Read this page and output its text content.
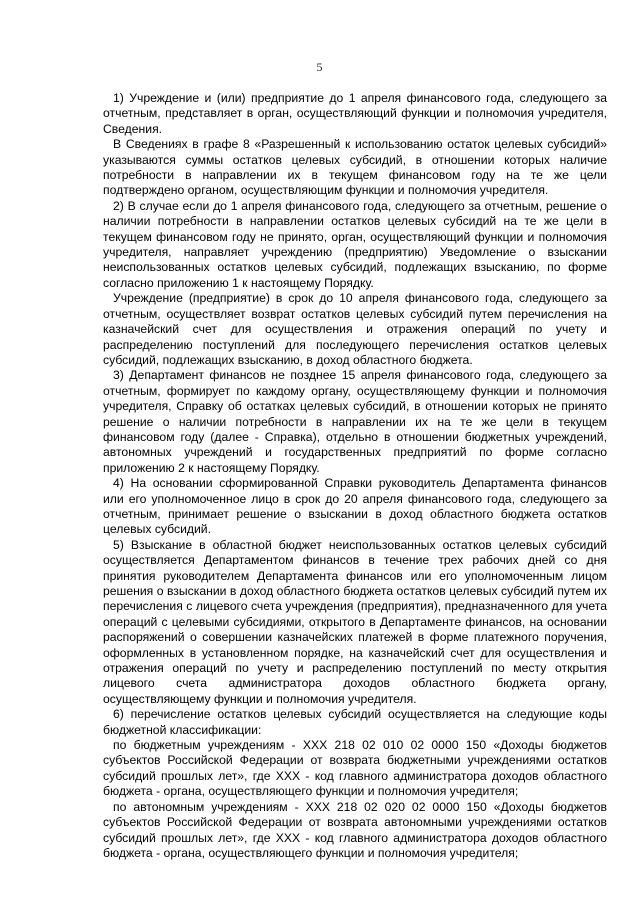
5

1) Учреждение и (или) предприятие до 1 апреля финансового года, следующего за отчетным, представляет в орган, осуществляющий функции и полномочия учредителя, Сведения.

В Сведениях в графе 8 «Разрешенный к использованию остаток целевых субсидий» указываются суммы остатков целевых субсидий, в отношении которых наличие потребности в направлении их в текущем финансовом году на те же цели подтверждено органом, осуществляющим функции и полномочия учредителя.

2) В случае если до 1 апреля финансового года, следующего за отчетным, решение о наличии потребности в направлении остатков целевых субсидий на те же цели в текущем финансовом году не принято, орган, осуществляющий функции и полномочия учредителя, направляет учреждению (предприятию) Уведомление о взыскании неиспользованных остатков целевых субсидий, подлежащих взысканию, по форме согласно приложению 1 к настоящему Порядку.

Учреждение (предприятие) в срок до 10 апреля финансового года, следующего за отчетным, осуществляет возврат остатков целевых субсидий путем перечисления на казначейский счет для осуществления и отражения операций по учету и распределению поступлений для последующего перечисления остатков целевых субсидий, подлежащих взысканию, в доход областного бюджета.

3) Департамент финансов не позднее 15 апреля финансового года, следующего за отчетным, формирует по каждому органу, осуществляющему функции и полномочия учредителя, Справку об остатках целевых субсидий, в отношении которых не принято решение о наличии потребности в направлении их на те же цели в текущем финансовом году (далее - Справка), отдельно в отношении бюджетных учреждений, автономных учреждений и государственных предприятий по форме согласно приложению 2 к настоящему Порядку.

4) На основании сформированной Справки руководитель Департамента финансов или его уполномоченное лицо в срок до 20 апреля финансового года, следующего за отчетным, принимает решение о взыскании в доход областного бюджета остатков целевых субсидий.

5) Взыскание в областной бюджет неиспользованных остатков целевых субсидий осуществляется Департаментом финансов в течение трех рабочих дней со дня принятия руководителем Департамента финансов или его уполномоченным лицом решения о взыскании в доход областного бюджета остатков целевых субсидий путем их перечисления с лицевого счета учреждения (предприятия), предназначенного для учета операций с целевыми субсидиями, открытого в Департаменте финансов, на основании распоряжений о совершении казначейских платежей в форме платежного поручения, оформленных в установленном порядке, на казначейский счет для осуществления и отражения операций по учету и распределению поступлений по месту открытия лицевого счета администратора доходов областного бюджета органу, осуществляющему функции и полномочия учредителя.

6) перечисление остатков целевых субсидий осуществляется на следующие коды бюджетной классификации:

по бюджетным учреждениям - ХХХ 218 02 010 02 0000 150 «Доходы бюджетов субъектов Российской Федерации от возврата бюджетными учреждениями остатков субсидий прошлых лет», где ХХХ - код главного администратора доходов областного бюджета - органа, осуществляющего функции и полномочия учредителя;

по автономным учреждениям - ХХХ 218 02 020 02 0000 150 «Доходы бюджетов субъектов Российской Федерации от возврата автономными учреждениями остатков субсидий прошлых лет», где ХХХ - код главного администратора доходов областного бюджета - органа, осуществляющего функции и полномочия учредителя;
